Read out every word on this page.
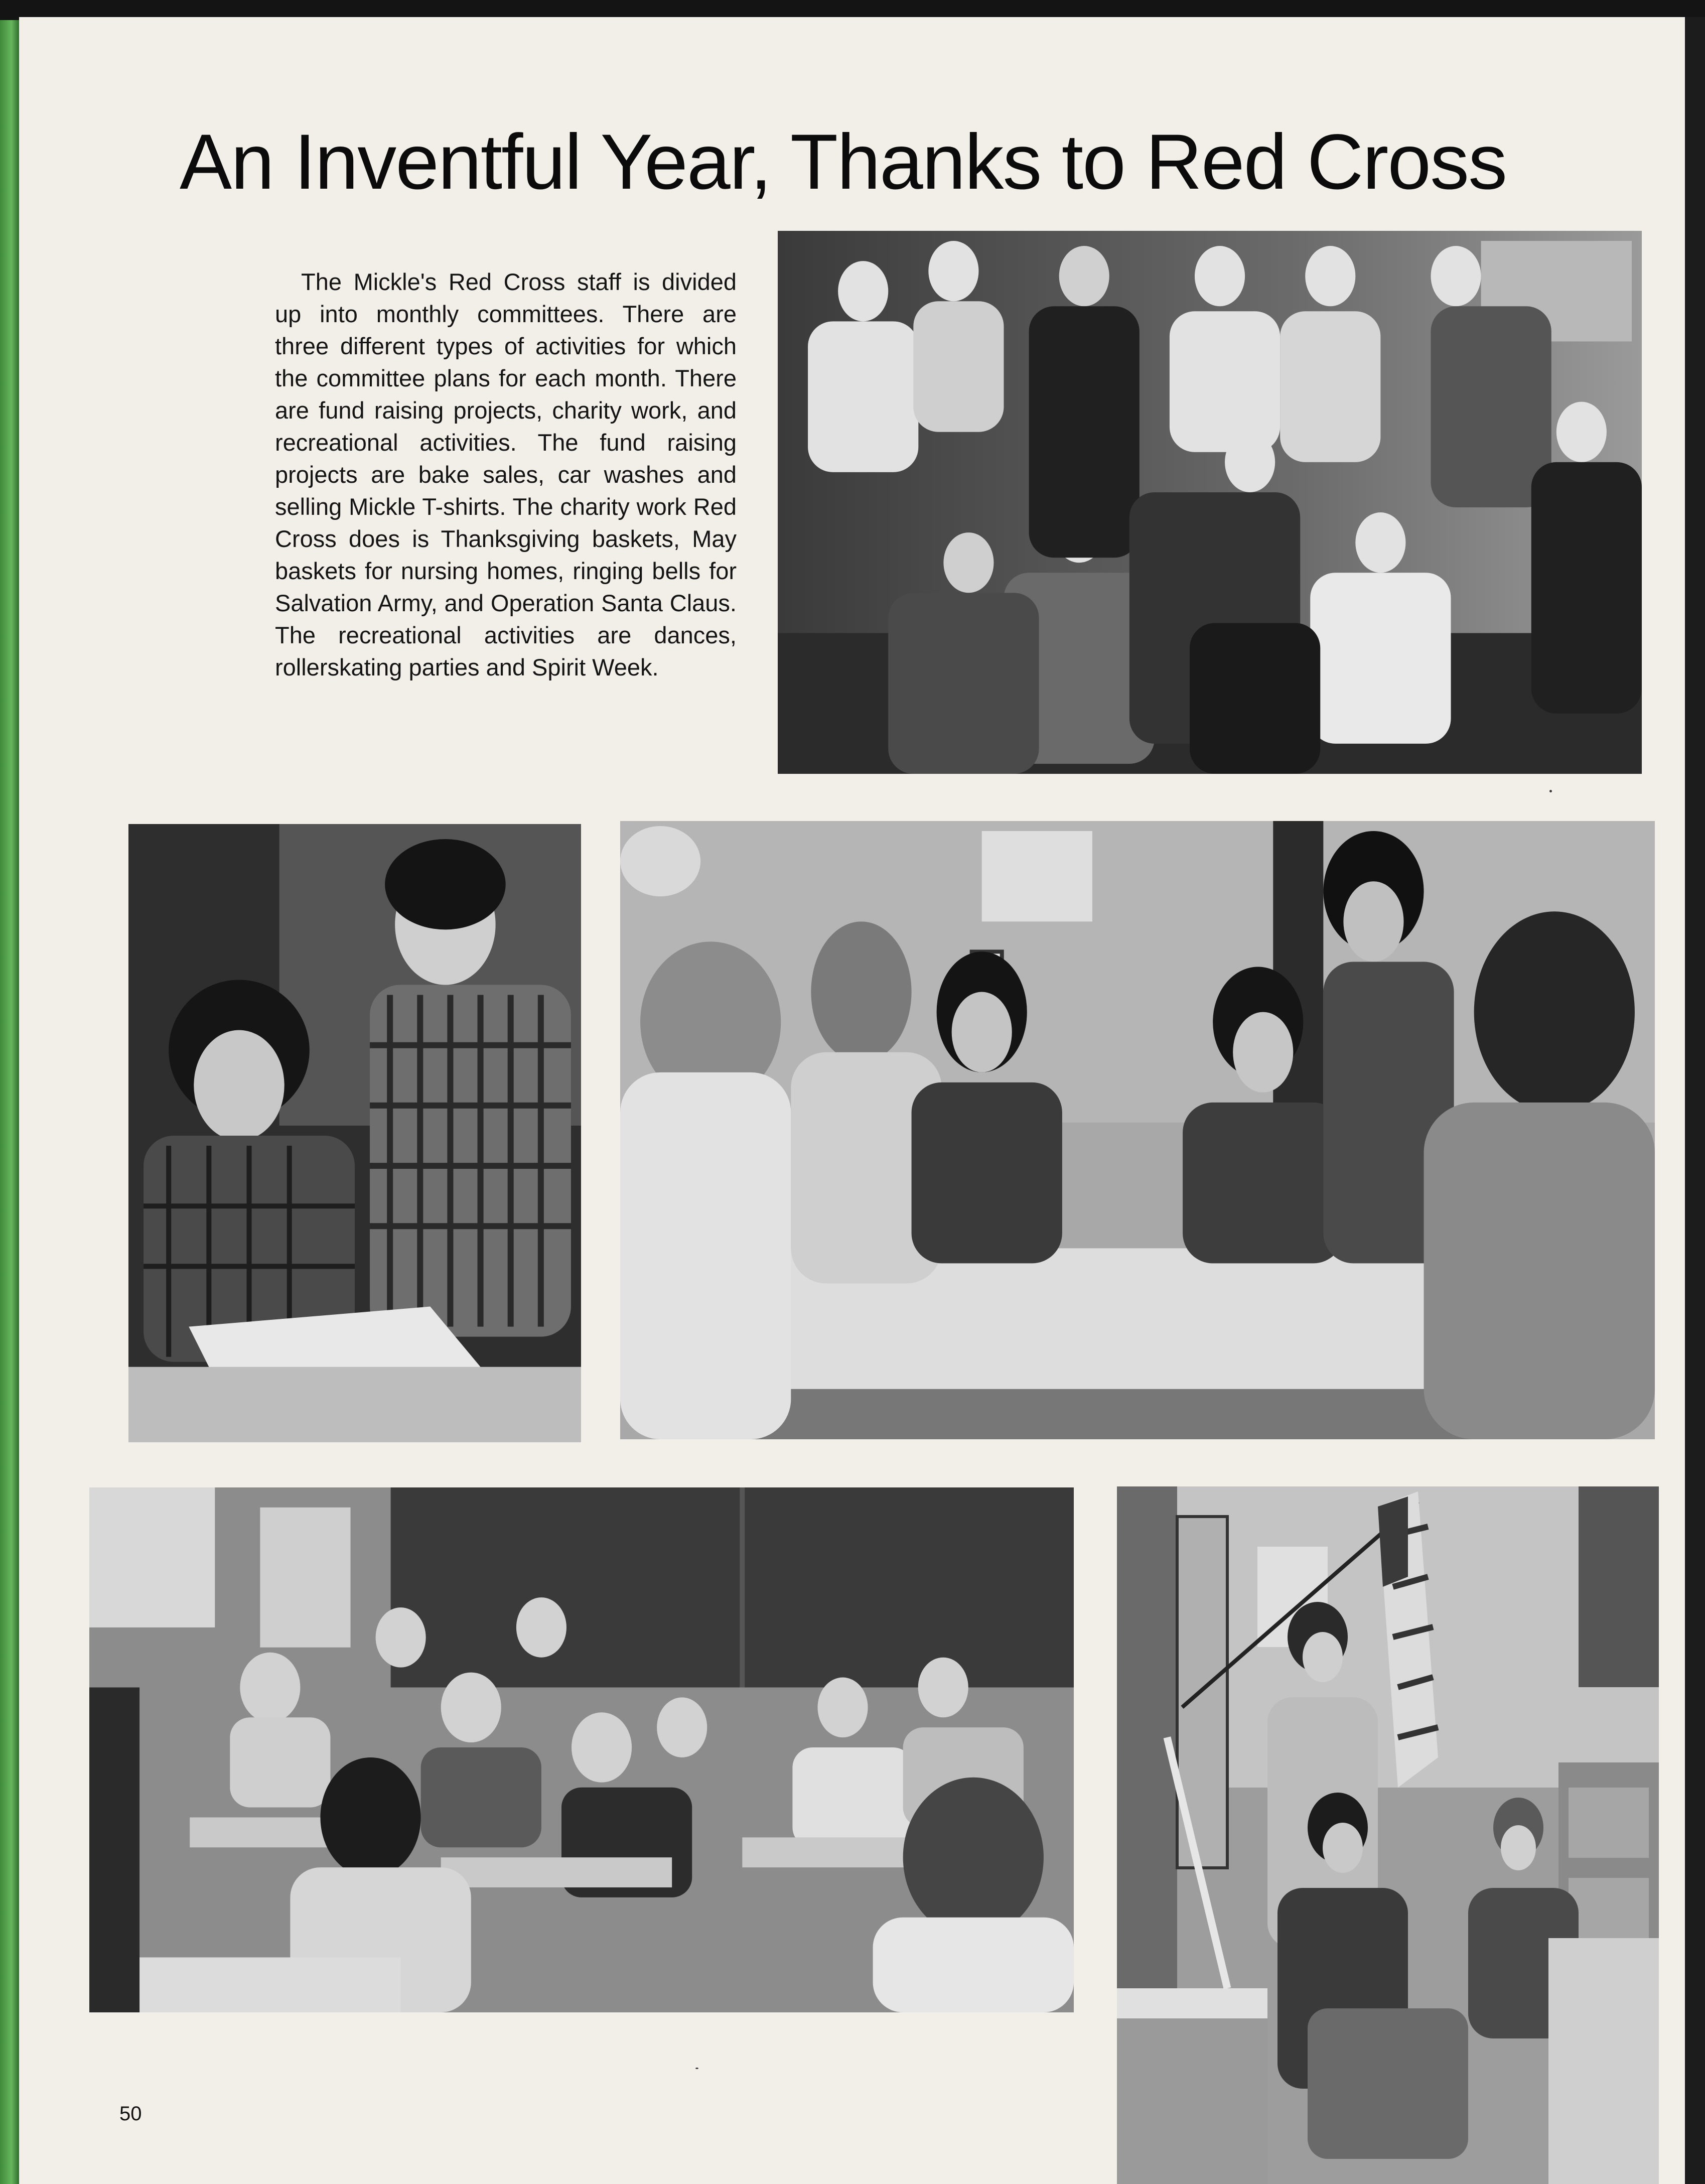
An Inventful Year, Thanks to Red Cross

The Mickle's Red Cross staff is divided up into monthly committees. There are three different types of activities for which the committee plans for each month. There are fund raising projects, charity work, and recreational activities. The fund raising projects are bake sales, car washes and selling Mickle T-shirts. The charity work Red Cross does is Thanksgiving baskets, May baskets for nursing homes, ringing bells for Salvation Army, and Operation Santa Claus. The recreational activities are dances, rollerskating parties and Spirit Week.

50
